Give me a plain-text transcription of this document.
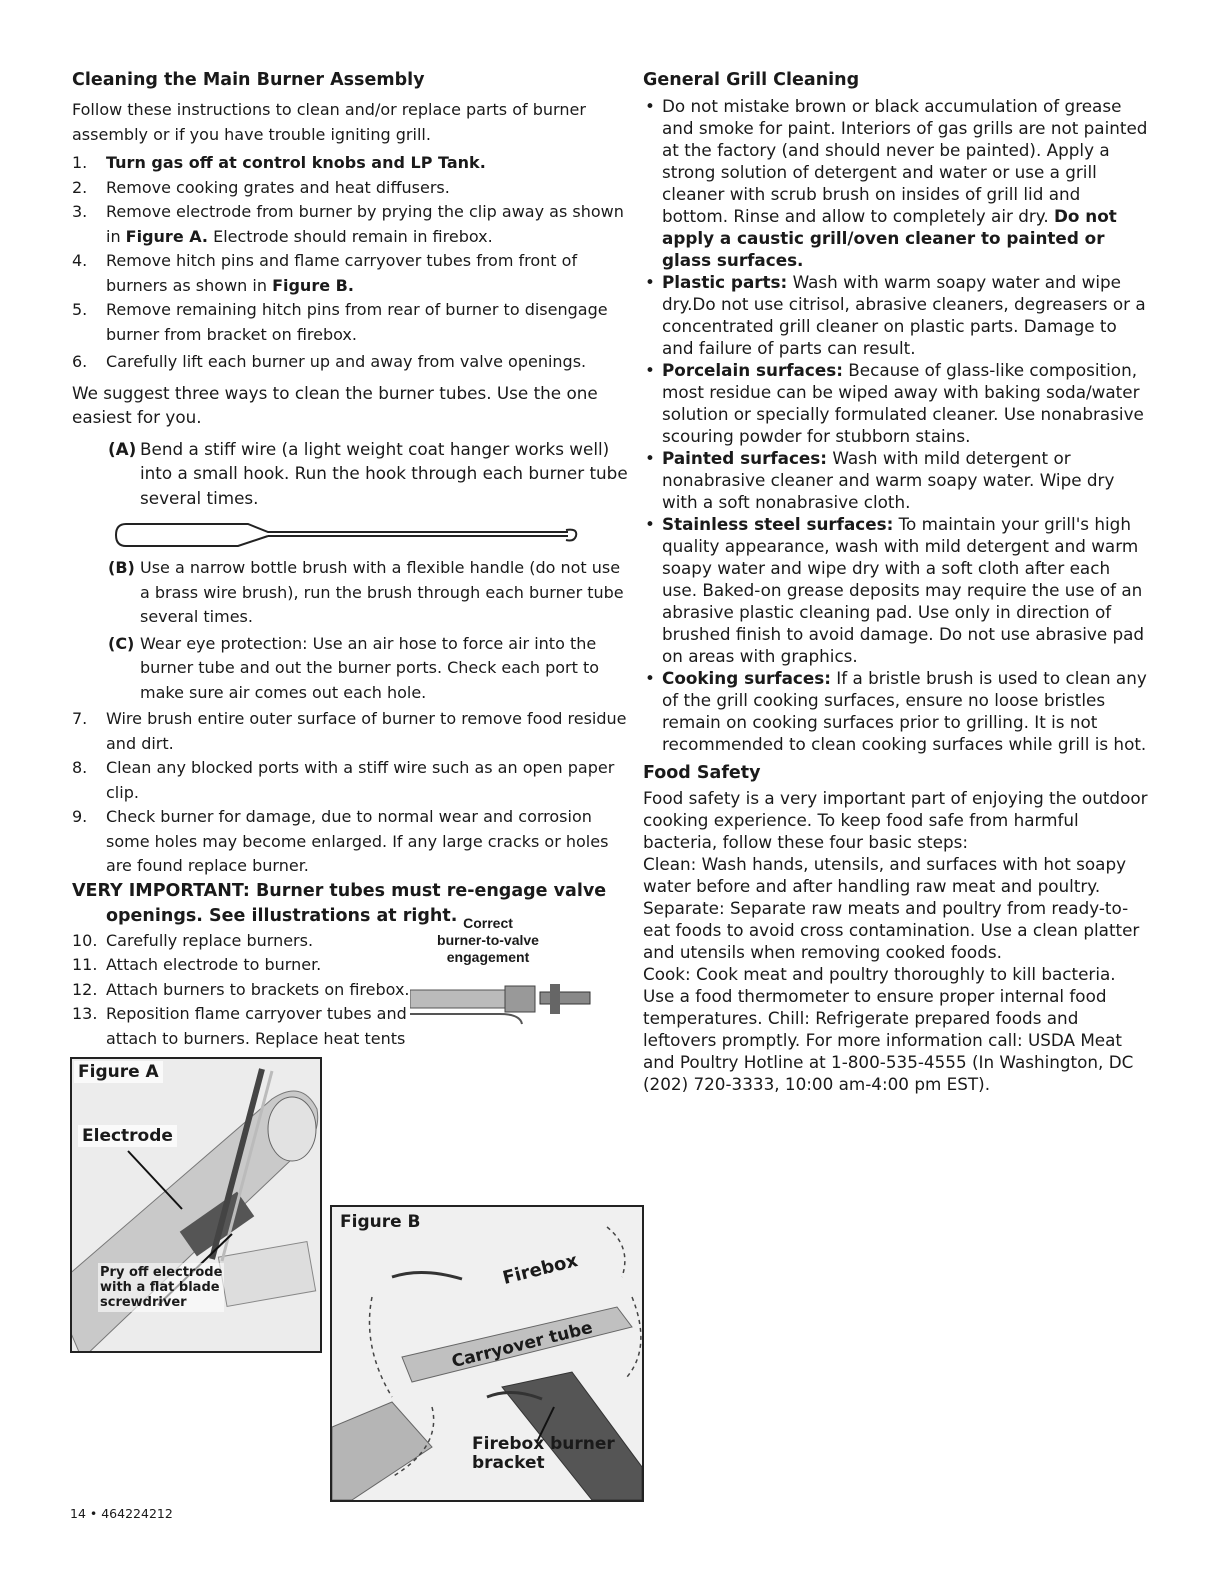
Cleaning the Main Burner Assembly

Follow these instructions to clean and/or replace parts of burner assembly or if you have trouble igniting grill.

1. Turn gas off at control knobs and LP Tank.
2. Remove cooking grates and heat diffusers.
3. Remove electrode from burner by prying the clip away as shown in Figure A. Electrode should remain in firebox.
4. Remove hitch pins and flame carryover tubes from front of burners as shown in Figure B.
5. Remove remaining hitch pins from rear of burner to disengage burner from bracket on firebox.
6. Carefully lift each burner up and away from valve openings.

We suggest three ways to clean the burner tubes. Use the one easiest for you.

(A) Bend a stiff wire (a light weight coat hanger works well) into a small hook. Run the hook through each burner tube several times.
(B) Use a narrow bottle brush with a flexible handle (do not use a brass wire brush), run the brush through each burner tube several times.
(C) Wear eye protection: Use an air hose to force air into the burner tube and out the burner ports. Check each port to make sure air comes out each hole.
7. Wire brush entire outer surface of burner to remove food residue and dirt.
8. Clean any blocked ports with a stiff wire such as an open paper clip.
9. Check burner for damage, due to normal wear and corrosion some holes may become enlarged. If any large cracks or holes are found replace burner.
VERY IMPORTANT: Burner tubes must re-engage valve
openings. See illustrations at right.
10. Carefully replace burners.
11. Attach electrode to burner.
12. Attach burners to brackets on firebox.
13. Reposition flame carryover tubes and attach to burners. Replace heat tents
Correct
burner-to-valve
engagement
Figure A
Electrode
Pry off electrode
with a flat blade
screwdriver
Figure B
Firebox
Carryover tube
Firebox burner
bracket
General Grill Cleaning
• Do not mistake brown or black accumulation of grease and smoke for paint. Interiors of gas grills are not painted at the factory (and should never be painted). Apply a strong solution of detergent and water or use a grill cleaner with scrub brush on insides of grill lid and bottom. Rinse and allow to completely air dry. Do not apply a caustic grill/oven cleaner to painted or glass surfaces.
• Plastic parts: Wash with warm soapy water and wipe dry.Do not use citrisol, abrasive cleaners, degreasers or a concentrated grill cleaner on plastic parts. Damage to and failure of parts can result.
• Porcelain surfaces: Because of glass-like composition, most residue can be wiped away with baking soda/water solution or specially formulated cleaner. Use nonabrasive scouring powder for stubborn stains.
• Painted surfaces: Wash with mild detergent or nonabrasive cleaner and warm soapy water. Wipe dry with a soft nonabrasive cloth.
• Stainless steel surfaces: To maintain your grill's high quality appearance, wash with mild detergent and warm soapy water and wipe dry with a soft cloth after each use. Baked-on grease deposits may require the use of an abrasive plastic cleaning pad. Use only in direction of brushed finish to avoid damage. Do not use abrasive pad on areas with graphics.
• Cooking surfaces: If a bristle brush is used to clean any of the grill cooking surfaces, ensure no loose bristles remain on cooking surfaces prior to grilling. It is not recommended to clean cooking surfaces while grill is hot.
Food Safety

Food safety is a very important part of enjoying the outdoor cooking experience. To keep food safe from harmful bacteria, follow these four basic steps:

Clean: Wash hands, utensils, and surfaces with hot soapy water before and after handling raw meat and poultry.

Separate: Separate raw meats and poultry from ready-to-eat foods to avoid cross contamination. Use a clean platter and utensils when removing cooked foods.

Cook: Cook meat and poultry thoroughly to kill bacteria. Use a food thermometer to ensure proper internal food temperatures. Chill: Refrigerate prepared foods and leftovers promptly. For more information call: USDA Meat and Poultry Hotline at 1-800-535-4555 (In Washington, DC (202) 720-3333, 10:00 am-4:00 pm EST).

14 • 464224212
